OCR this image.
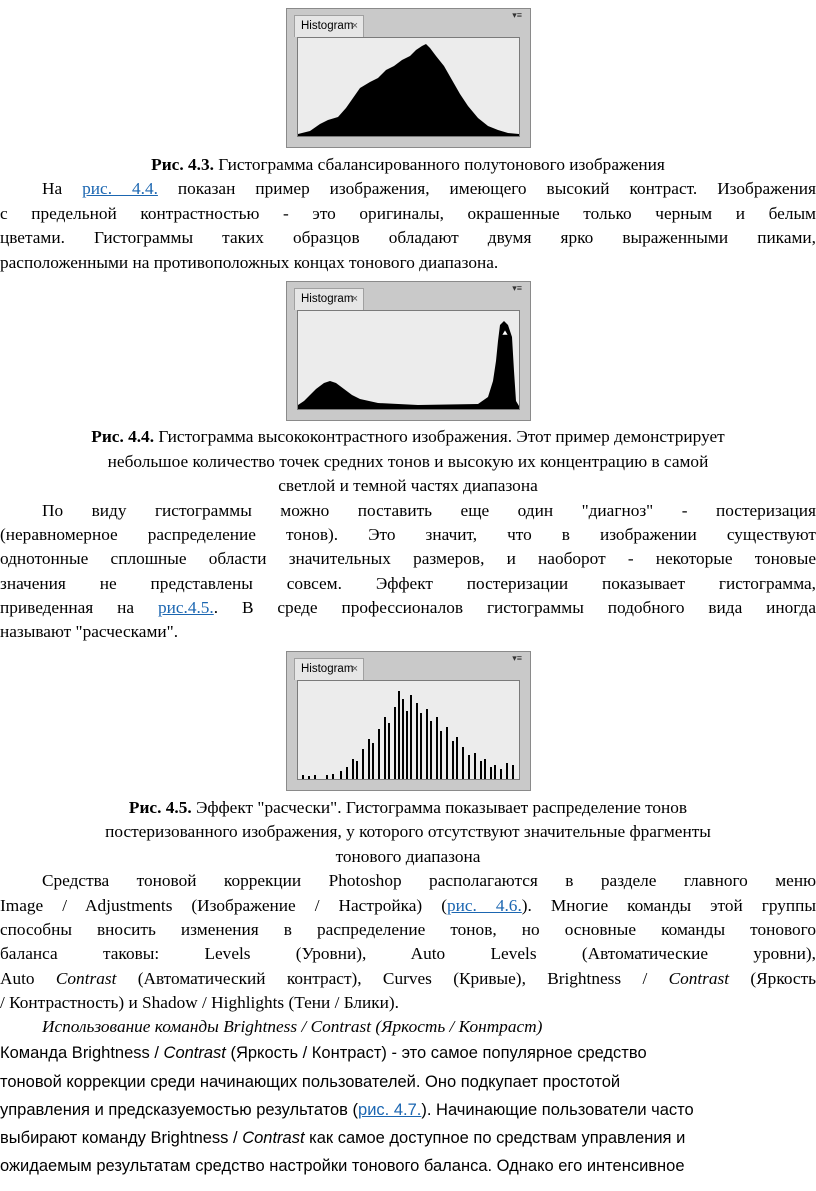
Histogram
×
▾≡
Рис. 4.3. Гистограмма сбалансированного полутонового изображения
На рис. 4.4. показан пример изображения, имеющего высокий контраст. Изображения
с предельной контрастностью - это оригиналы, окрашенные только черным и белым
цветами. Гистограммы таких образцов обладают двумя ярко выраженными пиками,
расположенными на противоположных концах тонового диапазона.
Histogram
×
▾≡
Рис. 4.4. Гистограмма высококонтрастного изображения. Этот пример демонстрирует
небольшое количество точек средних тонов и высокую их концентрацию в самой
светлой и темной частях диапазона
По виду гистограммы можно поставить еще один "диагноз" - постеризация
(неравномерное распределение тонов). Это значит, что в изображении существуют
однотонные сплошные области значительных размеров, и наоборот - некоторые тоновые
значения не представлены совсем. Эффект постеризации показывает гистограмма,
приведенная на рис.4.5.. В среде профессионалов гистограммы подобного вида иногда
называют "расческами".
Histogram
×
▾≡
Рис. 4.5. Эффект "расчески". Гистограмма показывает распределение тонов
постеризованного изображения, у которого отсутствуют значительные фрагменты
тонового диапазона
Средства тоновой коррекции Photoshop располагаются в разделе главного меню
Image / Adjustments (Изображение / Настройка) (рис. 4.6.). Многие команды этой группы
способны вносить изменения в распределение тонов, но основные команды тонового
баланса таковы: Levels (Уровни), Auto Levels (Автоматические уровни),
Auto Contrast (Автоматический контраст), Curves (Кривые), Brightness / Contrast (Яркость
/ Контрастность) и Shadow / Highlights (Тени / Блики).
Использование команды Brightness / Contrast (Яркость / Контраст)
Команда Brightness / Contrast (Яркость / Контраст) - это самое популярное средство
тоновой коррекции среди начинающих пользователей. Оно подкупает простотой
управления и предсказуемостью результатов (рис. 4.7.). Начинающие пользователи часто
выбирают команду Brightness / Contrast как самое доступное по средствам управления и
ожидаемым результатам средство настройки тонового баланса. Однако его интенсивное
